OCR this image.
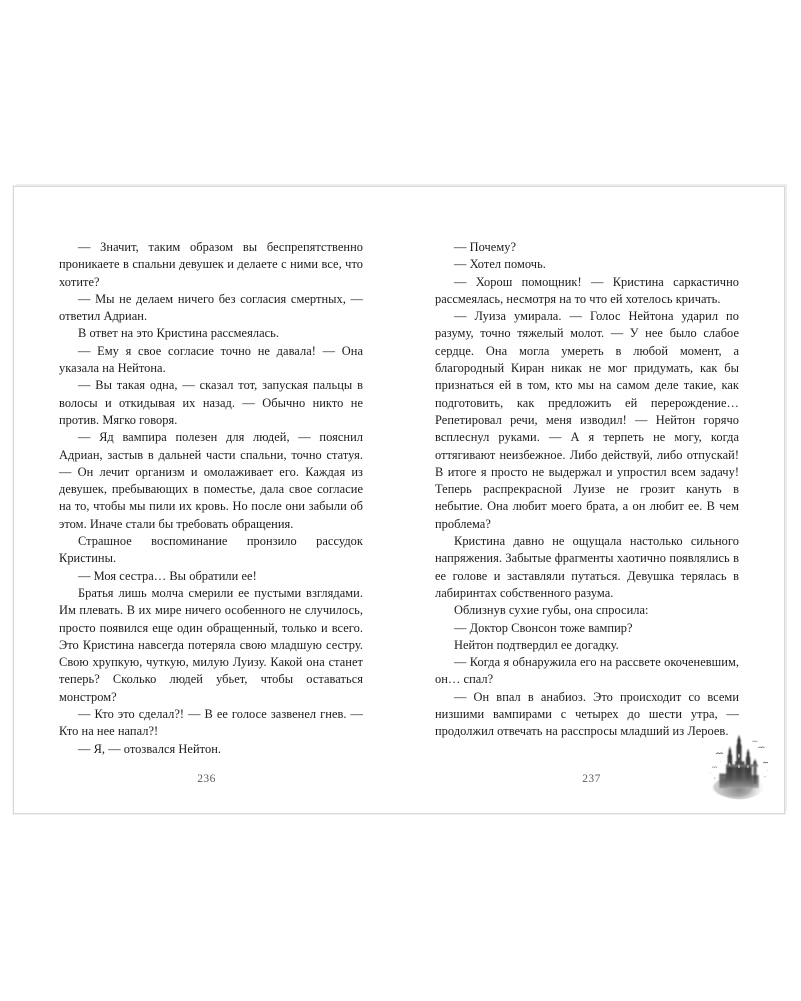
— Значит, таким образом вы беспрепятственно проникаете в спальни девушек и делаете с ними все, что хотите?

— Мы не делаем ничего без согласия смертных, — ответил Адриан.

В ответ на это Кристина рассмеялась.

— Ему я свое согласие точно не давала! — Она указала на Нейтона.

— Вы такая одна, — сказал тот, запуская пальцы в волосы и откидывая их назад. — Обычно никто не против. Мягко говоря.

— Яд вампира полезен для людей, — пояснил Адриан, застыв в дальней части спальни, точно статуя. — Он лечит организм и омолаживает его. Каждая из девушек, пребывающих в поместье, дала свое согласие на то, чтобы мы пили их кровь. Но после они забыли об этом. Иначе стали бы требовать обращения.

Страшное воспоминание пронзило рассудок Кристины.

— Моя сестра… Вы обратили ее!

Братья лишь молча смерили ее пустыми взглядами. Им плевать. В их мире ничего особенного не случилось, просто появился еще один обращенный, только и всего. Это Кристина навсегда потеряла свою младшую сестру. Свою хрупкую, чуткую, милую Луизу. Какой она станет теперь? Сколько людей убьет, чтобы оставаться монстром?

— Кто это сделал?! — В ее голосе зазвенел гнев. — Кто на нее напал?!

— Я, — отозвался Нейтон.

236

— Почему?

— Хотел помочь.

— Хорош помощник! — Кристина саркастично рассмеялась, несмотря на то что ей хотелось кричать.

— Луиза умирала. — Голос Нейтона ударил по разуму, точно тяжелый молот. — У нее было слабое сердце. Она могла умереть в любой момент, а благородный Киран никак не мог придумать, как бы признаться ей в том, кто мы на самом деле такие, как подготовить, как предложить ей перерождение… Репетировал речи, меня изводил! — Нейтон горячо всплеснул руками. — А я терпеть не могу, когда оттягивают неизбежное. Либо действуй, либо отпускай! В итоге я просто не выдержал и упростил всем задачу! Теперь распрекрасной Луизе не грозит кануть в небытие. Она любит моего брата, а он любит ее. В чем проблема?

Кристина давно не ощущала настолько сильного напряжения. Забытые фрагменты хаотично появлялись в ее голове и заставляли путаться. Девушка терялась в лабиринтах собственного разума.

Облизнув сухие губы, она спросила:

— Доктор Свонсон тоже вампир?

Нейтон подтвердил ее догадку.

— Когда я обнаружила его на рассвете окоченевшим, он… спал?

— Он впал в анабиоз. Это происходит со всеми низшими вампирами с четырех до шести утра, — продолжил отвечать на расспросы младший из Лероев.

237
